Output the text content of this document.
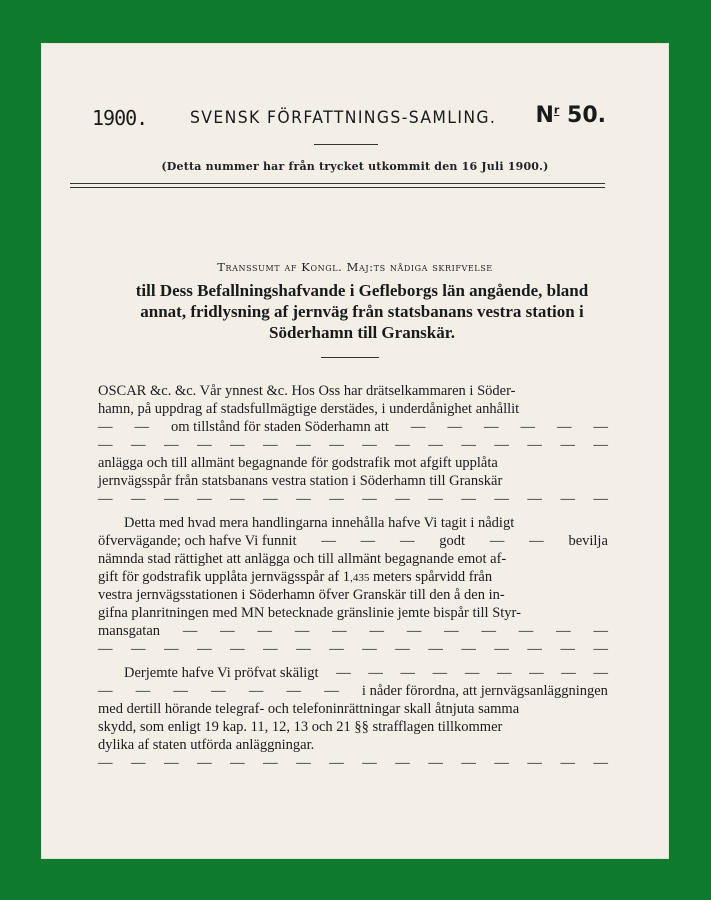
1900.	SVENSK FÖRFATTNINGS-SAMLING. $N^r$ 50.
(Detta nummer har från trycket utkommit den 16 Juli 1900.)
Transsumt af Kongl. Maj:ts nådiga skrifvelse
till Dess Befallningshafvande i Gefleborgs län angående, bland
annat, fridlysning af jernväg från statsbanans vestra station i
Söderhamn till Granskär.
OSCAR &c. &c. Vår ynnest &c. Hos Oss har drätselkammaren i Söder-
hamn, på uppdrag af stadsfullmägtige derstädes, i underdånighet anhållit
— — om tillstånd för staden Söderhamn att — — — — — —
— — — — — — — — — — — — — — — —
anlägga och till allmänt begagnande för godstrafik mot afgift upplåta
jernvägsspår från statsbanans vestra station i Söderhamn till Granskär
— — — — — — — — — — — — — — — —
Detta med hvad mera handlingarna innehålla hafve Vi tagit i nådigt
öfvervägande; och hafve Vi funnit — — — godt — — bevilja
nämnda stad rättighet att anlägga och till allmänt begagnande emot af-
gift för godstrafik upplåta jernvägsspår af 1,435 meters spårvidd från
vestra jernvägsstationen i Söderhamn öfver Granskär till den å den in-
gifna planritningen med MN betecknade gränslinie jemte bispår till Styr-
mansgatan — — — — — — — — — — — —
— — — — — — — — — — — — — — — —
Derjemte hafve Vi pröfvat skäligt — — — — — — — — —
— — — — — — — i nåder förordna, att jernvägsanläggningen
med dertill hörande telegraf- och telefoninrättningar skall åtnjuta samma
skydd, som enligt 19 kap. 11, 12, 13 och 21 §§ strafflagen tillkommer
dylika af staten utförda anläggningar.
— — — — — — — — — — — — — — — —
